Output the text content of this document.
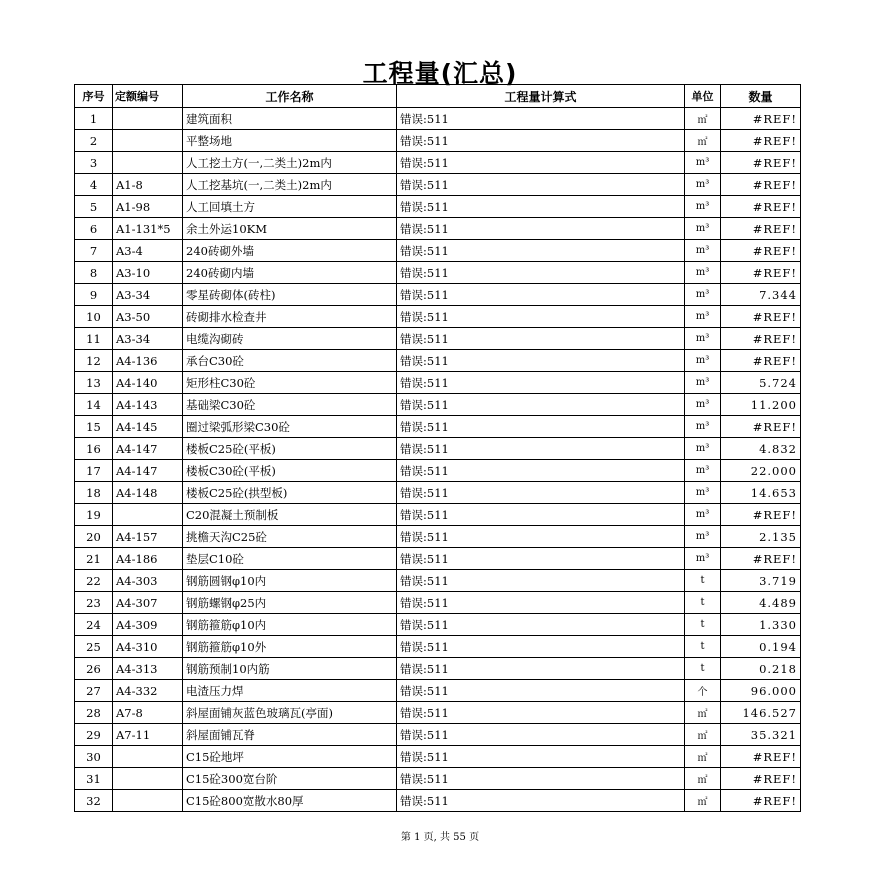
工程量(汇总)
序号	定额编号	工作名称	工程量计算式	单位	数量
1		建筑面积	错误:511	㎡	#REF!
2		平整场地	错误:511	㎡	#REF!
3		人工挖土方(一,二类土)2m内	错误:511	m³	#REF!
4	A1-8	人工挖基坑(一,二类土)2m内	错误:511	m³	#REF!
5	A1-98	人工回填土方	错误:511	m³	#REF!
6	A1-131*5	余土外运10KM	错误:511	m³	#REF!
7	A3-4	240砖砌外墙	错误:511	m³	#REF!
8	A3-10	240砖砌内墙	错误:511	m³	#REF!
9	A3-34	零星砖砌体(砖柱)	错误:511	m³	7.344
10	A3-50	砖砌排水检查井	错误:511	m³	#REF!
11	A3-34	电缆沟砌砖	错误:511	m³	#REF!
12	A4-136	承台C30砼	错误:511	m³	#REF!
13	A4-140	矩形柱C30砼	错误:511	m³	5.724
14	A4-143	基础梁C30砼	错误:511	m³	11.200
15	A4-145	圈过梁弧形梁C30砼	错误:511	m³	#REF!
16	A4-147	楼板C25砼(平板)	错误:511	m³	4.832
17	A4-147	楼板C30砼(平板)	错误:511	m³	22.000
18	A4-148	楼板C25砼(拱型板)	错误:511	m³	14.653
19		C20混凝土预制板	错误:511	m³	#REF!
20	A4-157	挑檐天沟C25砼	错误:511	m³	2.135
21	A4-186	垫层C10砼	错误:511	m³	#REF!
22	A4-303	钢筋圆钢φ10内	错误:511	t	3.719
23	A4-307	钢筋螺钢φ25内	错误:511	t	4.489
24	A4-309	钢筋箍筋φ10内	错误:511	t	1.330
25	A4-310	钢筋箍筋φ10外	错误:511	t	0.194
26	A4-313	钢筋预制10内筋	错误:511	t	0.218
27	A4-332	电渣压力焊	错误:511	个	96.000
28	A7-8	斜屋面铺灰蓝色玻璃瓦(亭面)	错误:511	㎡	146.527
29	A7-11	斜屋面铺瓦脊	错误:511	㎡	35.321
30		C15砼地坪	错误:511	㎡	#REF!
31		C15砼300宽台阶	错误:511	㎡	#REF!
32		C15砼800宽散水80厚	错误:511	㎡	#REF!
第 1 页, 共 55 页
